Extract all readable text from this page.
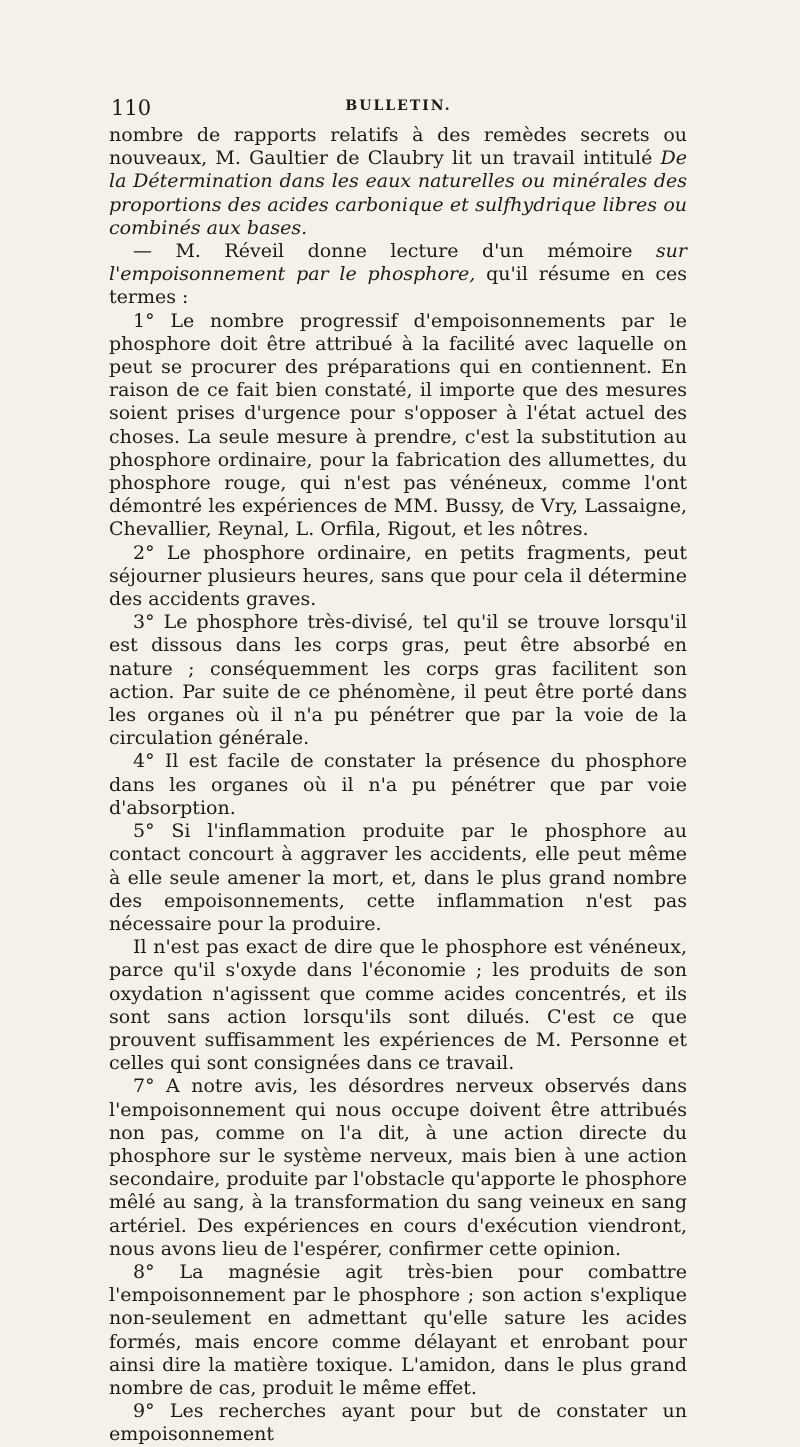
110	BULLETIN.

nombre de rapports relatifs à des remèdes secrets ou nouveaux, M. Gaultier de Claubry lit un travail intitulé De la Détermination dans les eaux naturelles ou minérales des proportions des acides carbonique et sulfhydrique libres ou combinés aux bases.

— M. Réveil donne lecture d'un mémoire sur l'empoisonnement par le phosphore, qu'il résume en ces termes :

1° Le nombre progressif d'empoisonnements par le phosphore doit être attribué à la facilité avec laquelle on peut se procurer des préparations qui en contiennent. En raison de ce fait bien constaté, il importe que des mesures soient prises d'urgence pour s'opposer à l'état actuel des choses. La seule mesure à prendre, c'est la substitution au phosphore ordinaire, pour la fabrication des allumettes, du phosphore rouge, qui n'est pas vénéneux, comme l'ont démontré les expériences de MM. Bussy, de Vry, Lassaigne, Chevallier, Reynal, L. Orfila, Rigout, et les nôtres.

2° Le phosphore ordinaire, en petits fragments, peut séjourner plusieurs heures, sans que pour cela il détermine des accidents graves.

3° Le phosphore très-divisé, tel qu'il se trouve lorsqu'il est dissous dans les corps gras, peut être absorbé en nature ; conséquemment les corps gras facilitent son action. Par suite de ce phénomène, il peut être porté dans les organes où il n'a pu pénétrer que par la voie de la circulation générale.

4° Il est facile de constater la présence du phosphore dans les organes où il n'a pu pénétrer que par voie d'absorption.

5° Si l'inflammation produite par le phosphore au contact concourt à aggraver les accidents, elle peut même à elle seule amener la mort, et, dans le plus grand nombre des empoisonnements, cette inflammation n'est pas nécessaire pour la produire.

Il n'est pas exact de dire que le phosphore est vénéneux, parce qu'il s'oxyde dans l'économie ; les produits de son oxydation n'agissent que comme acides concentrés, et ils sont sans action lorsqu'ils sont dilués. C'est ce que prouvent suffisamment les expériences de M. Personne et celles qui sont consignées dans ce travail.

7° A notre avis, les désordres nerveux observés dans l'empoisonnement qui nous occupe doivent être attribués non pas, comme on l'a dit, à une action directe du phosphore sur le système nerveux, mais bien à une action secondaire, produite par l'obstacle qu'apporte le phosphore mêlé au sang, à la transformation du sang veineux en sang artériel. Des expériences en cours d'exécution viendront, nous avons lieu de l'espérer, confirmer cette opinion.

8° La magnésie agit très-bien pour combattre l'empoisonnement par le phosphore ; son action s'explique non-seulement en admettant qu'elle sature les acides formés, mais encore comme délayant et enrobant pour ainsi dire la matière toxique. L'amidon, dans le plus grand nombre de cas, produit le même effet.

9° Les recherches ayant pour but de constater un empoisonnement
